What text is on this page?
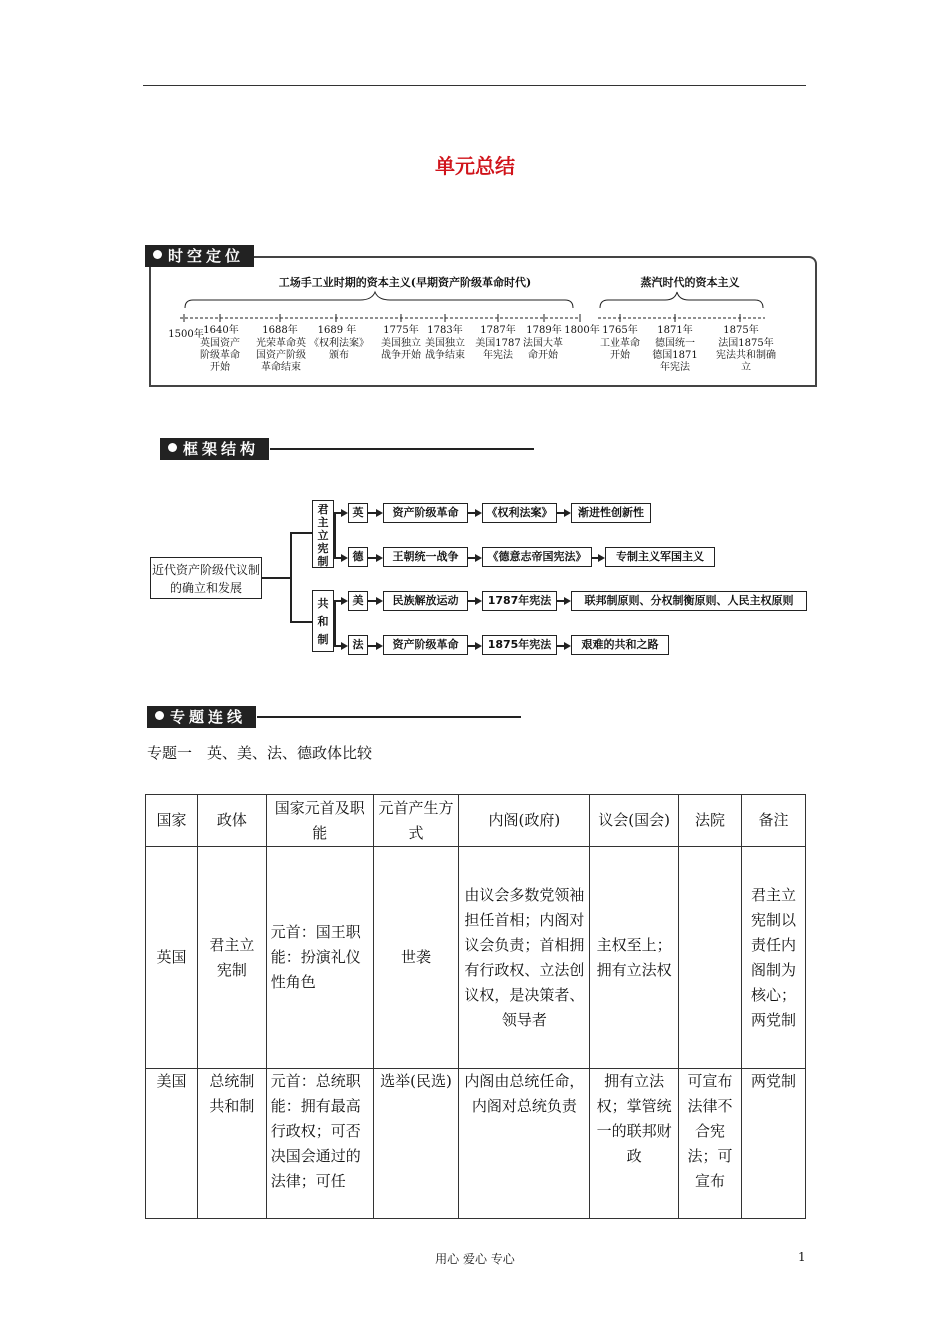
单元总结
时空定位
工场手工业时期的资本主义(早期资产阶级革命时代)	蒸汽时代的资本主义
1500年 1640年
英国资产阶级革命开始
1688年
光荣革命英国资产阶级革命结束
1689 年
《权利法案》颁布
1775年
美国独立战争开始
1783年
美国独立战争结束
1787年
美国1787年宪法
1789年
法国大革命开始
1800年 1765年
工业革命开始
1871年
德国统一德国1871年宪法
1875年
法国1875年宪法共和制确立
框架结构
近代资产阶级代议制的确立和发展
君主立宪制
共和制
英	资产阶级革命	《权利法案》	渐进性创新性
德	王朝统一战争	《德意志帝国宪法》	专制主义军国主义
美	民族解放运动	1787年宪法	联邦制原则、分权制衡原则、人民主权原则
法	资产阶级革命	1875年宪法	艰难的共和之路
专题连线
专题一　英、美、法、德政体比较
国家	政体	国家元首及职能	元首产生方式	内阁(政府)	议会(国会)	法院	备注
英国	君主立宪制	元首：国王职能：扮演礼仪性角色	世袭	由议会多数党领袖担任首相；内阁对议会负责；首相拥有行政权、立法创议权，是决策者、领导者	主权至上；拥有立法权		君主立宪制以责任内阁制为核心；两党制
美国	总统制共和制	元首：总统职能：拥有最高行政权；可否决国会通过的法律；可任	选举(民选)	内阁由总统任命，内阁对总统负责	拥有立法权；掌管统一的联邦财政	可宣布法律不合宪法；可宣布	两党制
用心 爱心 专心	1
